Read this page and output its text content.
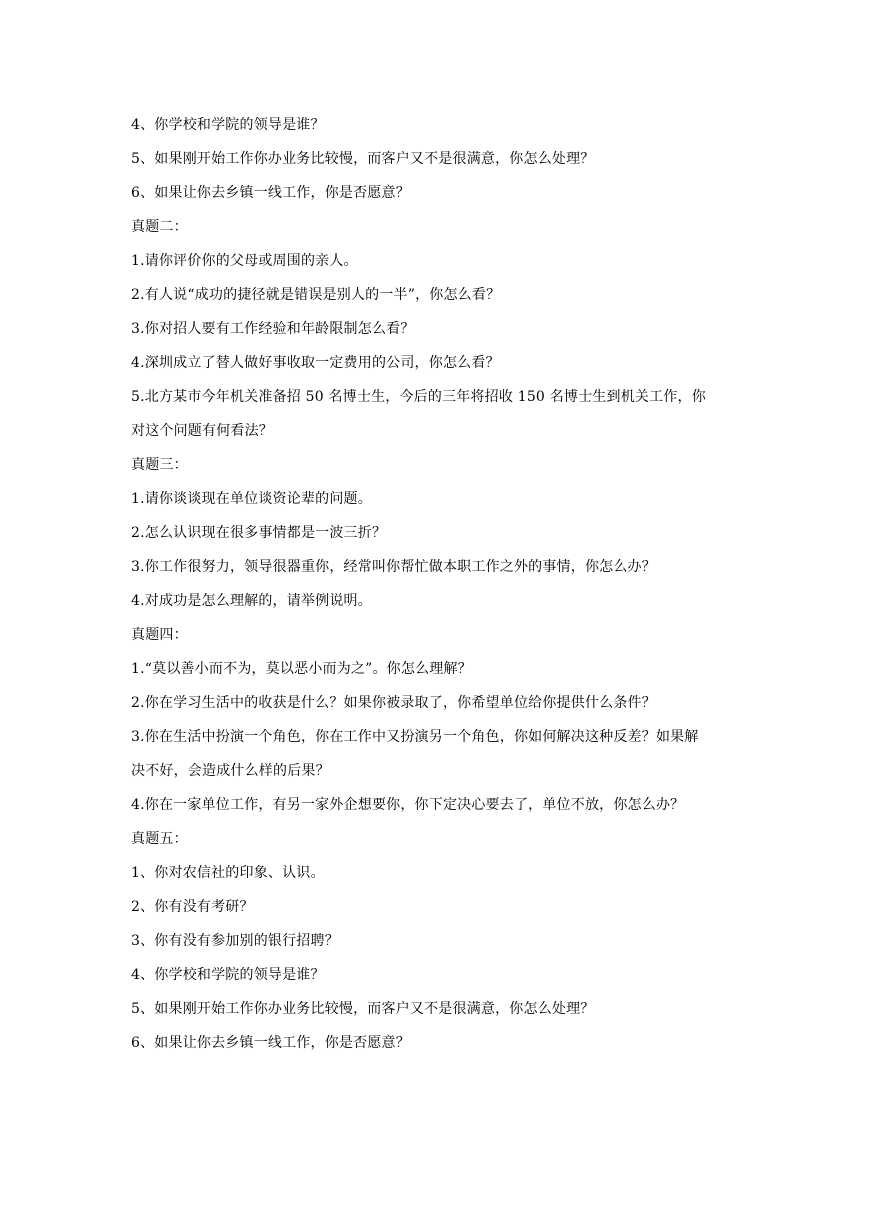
4、你学校和学院的领导是谁？
5、如果刚开始工作你办业务比较慢，而客户又不是很满意，你怎么处理？
6、如果让你去乡镇一线工作，你是否愿意？
真题二：
1.请你评价你的父母或周围的亲人。
2.有人说“成功的捷径就是错误是别人的一半”，你怎么看？
3.你对招人要有工作经验和年龄限制怎么看？
4.深圳成立了替人做好事收取一定费用的公司，你怎么看？
5.北方某市今年机关准备招 50 名博士生，今后的三年将招收 150 名博士生到机关工作，你
对这个问题有何看法？
真题三：
1.请你谈谈现在单位谈资论辈的问题。
2.怎么认识现在很多事情都是一波三折？
3.你工作很努力，领导很器重你，经常叫你帮忙做本职工作之外的事情，你怎么办？
4.对成功是怎么理解的，请举例说明。
真题四：
1.“莫以善小而不为，莫以恶小而为之”。你怎么理解？
2.你在学习生活中的收获是什么？如果你被录取了，你希望单位给你提供什么条件？
3.你在生活中扮演一个角色，你在工作中又扮演另一个角色，你如何解决这种反差？如果解
决不好，会造成什么样的后果？
4.你在一家单位工作，有另一家外企想要你，你下定决心要去了，单位不放，你怎么办？
真题五：
1、你对农信社的印象、认识。
2、你有没有考研？
3、你有没有参加别的银行招聘？
4、你学校和学院的领导是谁？
5、如果刚开始工作你办业务比较慢，而客户又不是很满意，你怎么处理？
6、如果让你去乡镇一线工作，你是否愿意？
